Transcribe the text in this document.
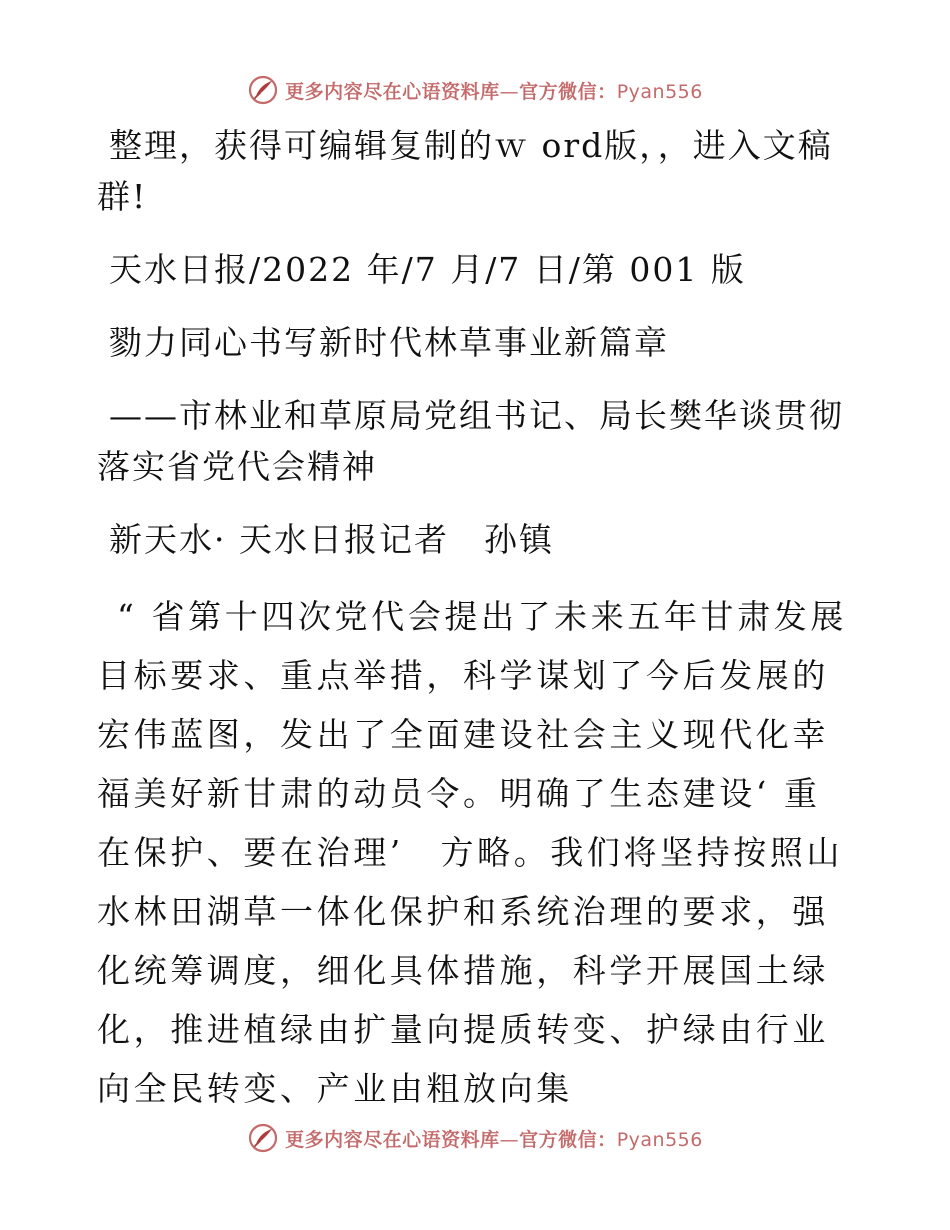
更多内容尽在心语资料库—官方微信：Pyan556

整理，获得可编辑复制的ｗ ord版，，进入文稿群!

天水日报/2022 年/7 月/7 日/第 001 版

勠力同心书写新时代林草事业新篇章

——市林业和草原局党组书记、局长樊华谈贯彻落实省党代会精神

新天水· 天水日报记者　孙镇

“ 省第十四次党代会提出了未来五年甘肃发展目标要求、重点举措，科学谋划了今后发展的宏伟蓝图，发出了全面建设社会主义现代化幸福美好新甘肃的动员令。明确了生态建设‘ 重在保护、要在治理’　方略。我们将坚持按照山水林田湖草一体化保护和系统治理的要求，强化统筹调度，细化具体措施，科学开展国土绿化，推进植绿由扩量向提质转变、护绿由行业向全民转变、产业由粗放向集

更多内容尽在心语资料库—官方微信：Pyan556
